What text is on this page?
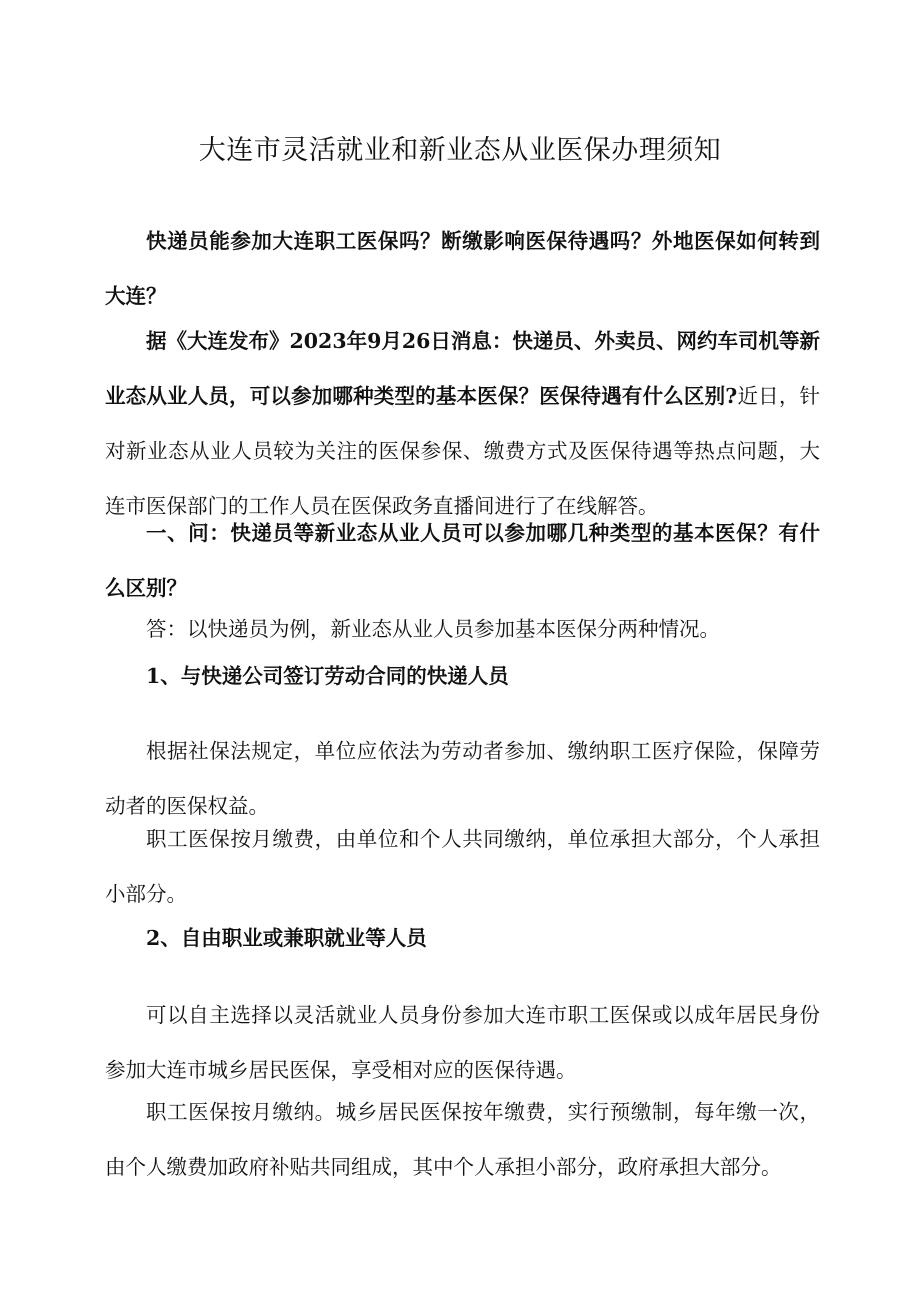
大连市灵活就业和新业态从业医保办理须知

快递员能参加大连职工医保吗？断缴影响医保待遇吗？外地医保如何转到大连？

据《大连发布》2023年9月26日消息：快递员、外卖员、网约车司机等新业态从业人员，可以参加哪种类型的基本医保？医保待遇有什么区别?近日，针对新业态从业人员较为关注的医保参保、缴费方式及医保待遇等热点问题，大连市医保部门的工作人员在医保政务直播间进行了在线解答。

一、问：快递员等新业态从业人员可以参加哪几种类型的基本医保？有什么区别？

答：以快递员为例，新业态从业人员参加基本医保分两种情况。

1、与快递公司签订劳动合同的快递人员

根据社保法规定，单位应依法为劳动者参加、缴纳职工医疗保险，保障劳动者的医保权益。

职工医保按月缴费，由单位和个人共同缴纳，单位承担大部分，个人承担小部分。

2、自由职业或兼职就业等人员

可以自主选择以灵活就业人员身份参加大连市职工医保或以成年居民身份参加大连市城乡居民医保，享受相对应的医保待遇。

职工医保按月缴纳。城乡居民医保按年缴费，实行预缴制，每年缴一次，由个人缴费加政府补贴共同组成，其中个人承担小部分，政府承担大部分。
